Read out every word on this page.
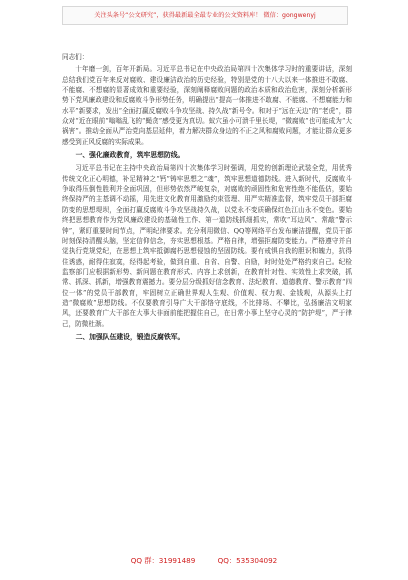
关注头条号“公文研究”，获得最新最全最专业的公文资料库！ 微信：gongwenyj

同志们：

十年磨一剑，百年开新局。习近平总书记在中央政治局第四十次集体学习时的重要讲话，深刻总结我们党百年来反对腐败、建设廉洁政治的历史经验，特别是党的十八大以来一体推进不敢腐、不能腐、不想腐的显著成效和重要经验，深刻阐释腐败问题的政治本质和政治危害，深刻分析新形势下党风廉政建设和反腐败斗争形势任务，明确提出“提高一体推进不敢腐、不能腐、不想腐能力和水平”新要求，发出“全面打赢反腐败斗争攻坚战、持久战”新号令。和对于“远在天边”的“老虎”，群众对“近在眼前”嗡嗡乱飞的“蝇贪”感受更为真切。蚁穴虽小可溃千里长堤，“微腐败”也可能成为“大祸害”。推动全面从严治党向基层延伸，着力解决群众身边的不正之风和腐败问题，才能让群众更多感受到正风反腐的实际成果。

一、强化廉政教育，筑牢思想防线。

习近平总书记在主持中央政治局第四十次集体学习时强调，用党的创新理论武装全党，用优秀传统文化正心明德，补足精神之“钙”铸牢思想之“魂”，筑牢思想道德防线。进入新时代，反腐败斗争取得压倒性胜利并全面巩固，但形势依然严峻复杂，对腐败的顽固性和危害性绝不能低估，要始终保持严的主基调不动摇，用先进文化教育用激励约束管理、用严实精准监督，筑牢党员干部拒腐防变的思想堤坝，全面打赢反腐败斗争攻坚战持久战，以党永不变质确保红色江山永不变色。要始终把思想教育作为党风廉政建设的基础性工作、第一道防线抓细抓实，常吹“耳边风”、常敲“警示钟”，紧盯重要时间节点，严明纪律要求。充分利用微信、QQ等网络平台发布廉洁提醒，党员干部时刻保持清醒头脑，坚定信仰信念，夯实思想根基。严格自律，增强拒腐防变能力。严格遵守并自觉执行党规党纪，在思想上筑牢抵御腐朽思想侵蚀的坚固防线。要有戒惧自我的胆识和魄力，抗得住诱惑，耐得住寂寞，经得起考验，做到自重、自省、自警、自励，时时处处严格约束自己。纪检监察部门应根据新形势、新问题在教育形式、内容上求创新，在教育针对性、实效性上求突破，抓常、抓深、抓新，增强教育震撼力。要分层分级抓好信念教育、法纪教育、道德教育、警示教育“四位一体”的党员干部教育，牢固树立正确世界观人生观、价值观、权力观、金钱观，从源头上打造“微腐败”思想防线。不仅要教育引导广大干部恪守底线，不比排场、不攀比，弘扬廉洁文明家风，还要教育广大干部在大事大非面前能把握住自己，在日常小事上坚守心灵的“防护堤”，严于律己，防微杜渐。

二、加强队伍建设，锻造反腐铁军。

QQ 群：31991489	QQ：535304092
